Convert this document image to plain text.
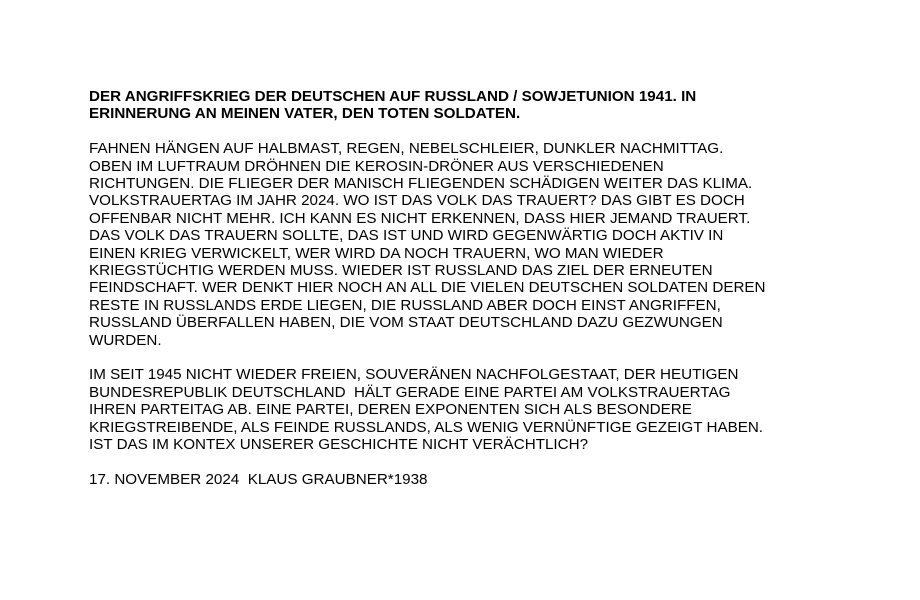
DER ANGRIFFSKRIEG DER DEUTSCHEN AUF RUSSLAND / SOWJETUNION 1941. IN
ERINNERUNG AN MEINEN VATER, DEN TOTEN SOLDATEN.
FAHNEN HÄNGEN AUF HALBMAST, REGEN, NEBELSCHLEIER, DUNKLER NACHMITTAG.
OBEN IM LUFTRAUM DRÖHNEN DIE KEROSIN-DRÖNER AUS VERSCHIEDENEN
RICHTUNGEN. DIE FLIEGER DER MANISCH FLIEGENDEN SCHÄDIGEN WEITER DAS KLIMA.
VOLKSTRAUERTAG IM JAHR 2024. WO IST DAS VOLK DAS TRAUERT? DAS GIBT ES DOCH
OFFENBAR NICHT MEHR. ICH KANN ES NICHT ERKENNEN, DASS HIER JEMAND TRAUERT.
DAS VOLK DAS TRAUERN SOLLTE, DAS IST UND WIRD GEGENWÄRTIG DOCH AKTIV IN
EINEN KRIEG VERWICKELT, WER WIRD DA NOCH TRAUERN, WO MAN WIEDER
KRIEGSTÜCHTIG WERDEN MUSS. WIEDER IST RUSSLAND DAS ZIEL DER ERNEUTEN
FEINDSCHAFT. WER DENKT HIER NOCH AN ALL DIE VIELEN DEUTSCHEN SOLDATEN DEREN
RESTE IN RUSSLANDS ERDE LIEGEN, DIE RUSSLAND ABER DOCH EINST ANGRIFFEN,
RUSSLAND ÜBERFALLEN HABEN, DIE VOM STAAT DEUTSCHLAND DAZU GEZWUNGEN
WURDEN.
IM SEIT 1945 NICHT WIEDER FREIEN, SOUVERÄNEN NACHFOLGESTAAT, DER HEUTIGEN
BUNDESREPUBLIK DEUTSCHLAND  HÄLT GERADE EINE PARTEI AM VOLKSTRAUERTAG
IHREN PARTEITAG AB. EINE PARTEI, DEREN EXPONENTEN SICH ALS BESONDERE
KRIEGSTREIBENDE, ALS FEINDE RUSSLANDS, ALS WENIG VERNÜNFTIGE GEZEIGT HABEN.
IST DAS IM KONTEX UNSERER GESCHICHTE NICHT VERÄCHTLICH?
17. NOVEMBER 2024  KLAUS GRAUBNER*1938
